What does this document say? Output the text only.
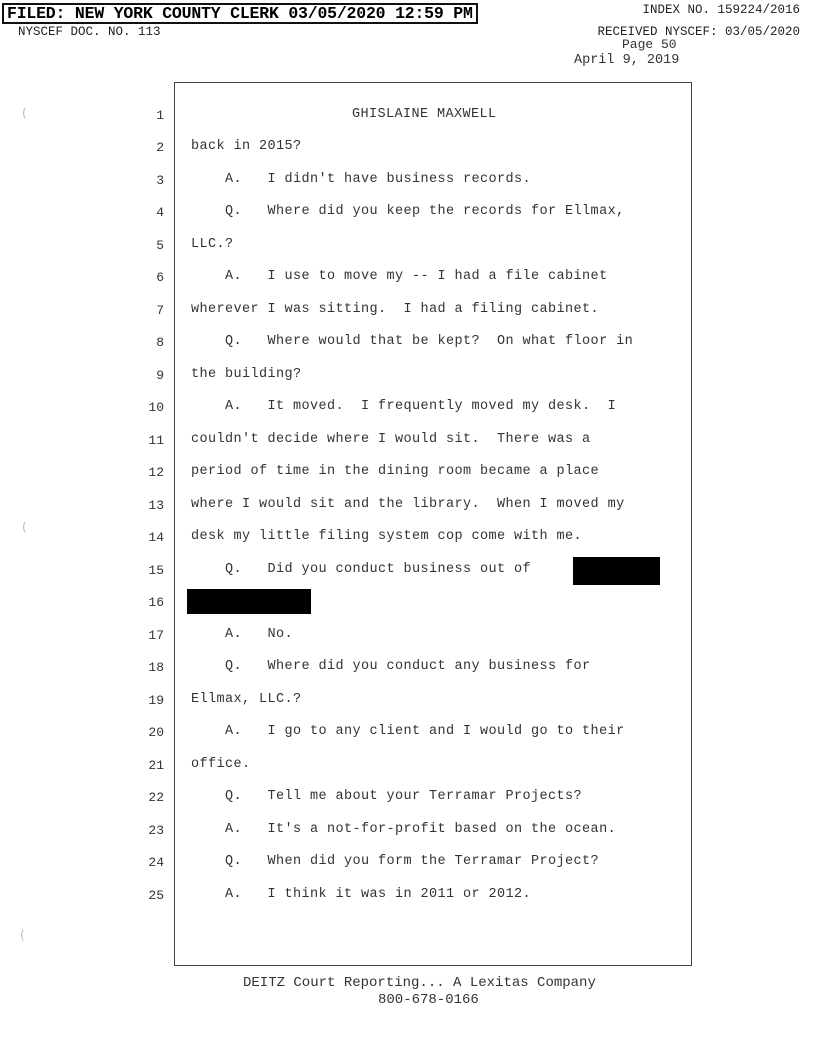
FILED: NEW YORK COUNTY CLERK 03/05/2020 12:59 PM	INDEX NO. 159224/2016
NYSCEF DOC. NO. 113	RECEIVED NYSCEF: 03/05/2020
Page 50
April 9, 2019
GHISLAINE MAXWELL
1
2 back in 2015?
3 A.   I didn't have business records.
4 Q.   Where did you keep the records for Ellmax,
5 LLC.?
6 A.   I use to move my -- I had a file cabinet
7 wherever I was sitting.  I had a filing cabinet.
8 Q.   Where would that be kept?  On what floor in
9 the building?
10 A.   It moved.  I frequently moved my desk.  I
11 couldn't decide where I would sit.  There was a
12 period of time in the dining room became a place
13 where I would sit and the library.  When I moved my
14 desk my little filing system cop come with me.
15 Q.   Did you conduct business out of
16
17 A.   No.
18 Q.   Where did you conduct any business for
19 Ellmax, LLC.?
20 A.   I go to any client and I would go to their
21 office.
22 Q.   Tell me about your Terramar Projects?
23 A.   It's a not-for-profit based on the ocean.
24 Q.   When did you form the Terramar Project?
25 A.   I think it was in 2011 or 2012.
DEITZ Court Reporting... A Lexitas Company
800-678-0166
(
(
(
